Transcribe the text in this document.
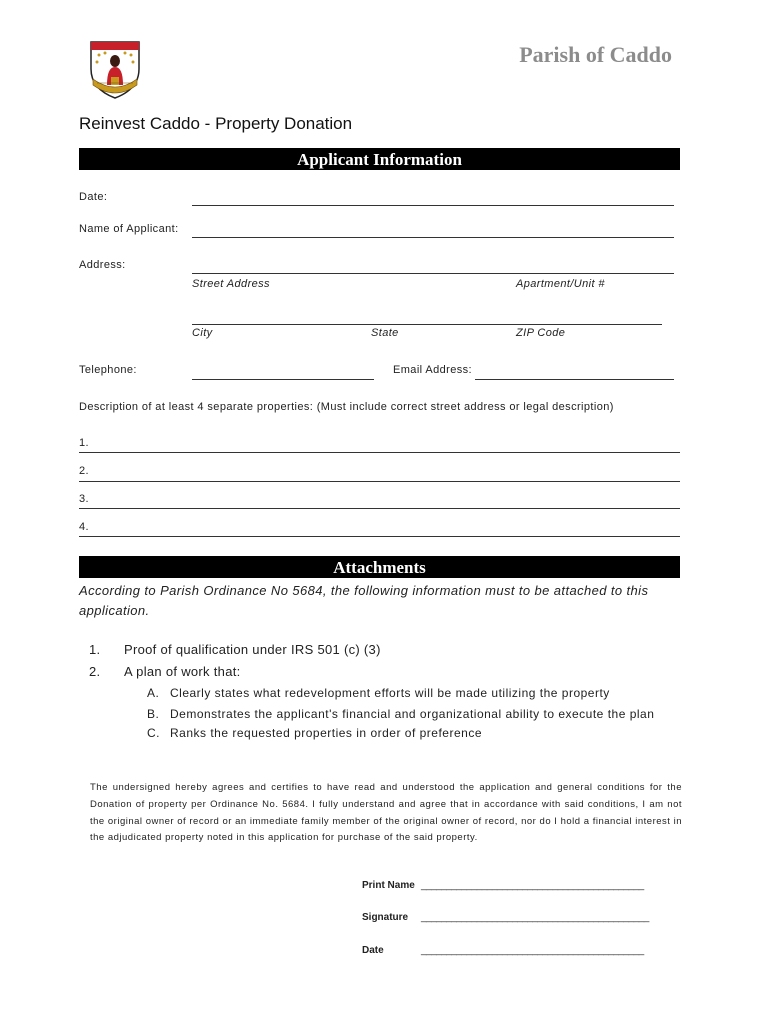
Parish of Caddo
Reinvest Caddo - Property Donation
Applicant Information
Date:
Name of Applicant:
Address:
Street Address	Apartment/Unit #
City	State	ZIP Code
Telephone:	Email Address:
Description of at least 4 separate properties: (Must include correct street address or legal description)
1.
2.
3.
4.
Attachments
According to Parish Ordinance No 5684, the following information must to be attached to this application.
1. Proof of qualification under IRS 501 (c) (3)
2. A plan of work that:
A. Clearly states what redevelopment efforts will be made utilizing the property
B. Demonstrates the applicant's financial and organizational ability to execute the plan
C. Ranks the requested properties in order of preference
The undersigned hereby agrees and certifies to have read and understood the application and general conditions for the Donation of property per Ordinance No. 5684. I fully understand and agree that in accordance with said conditions, I am not the original owner of record or an immediate family member of the original owner of record, nor do I hold a financial interest in the adjudicated property noted in this application for purchase of the said property.
Print Name ____________________________________________
Signature _____________________________________________
Date	____________________________________________
